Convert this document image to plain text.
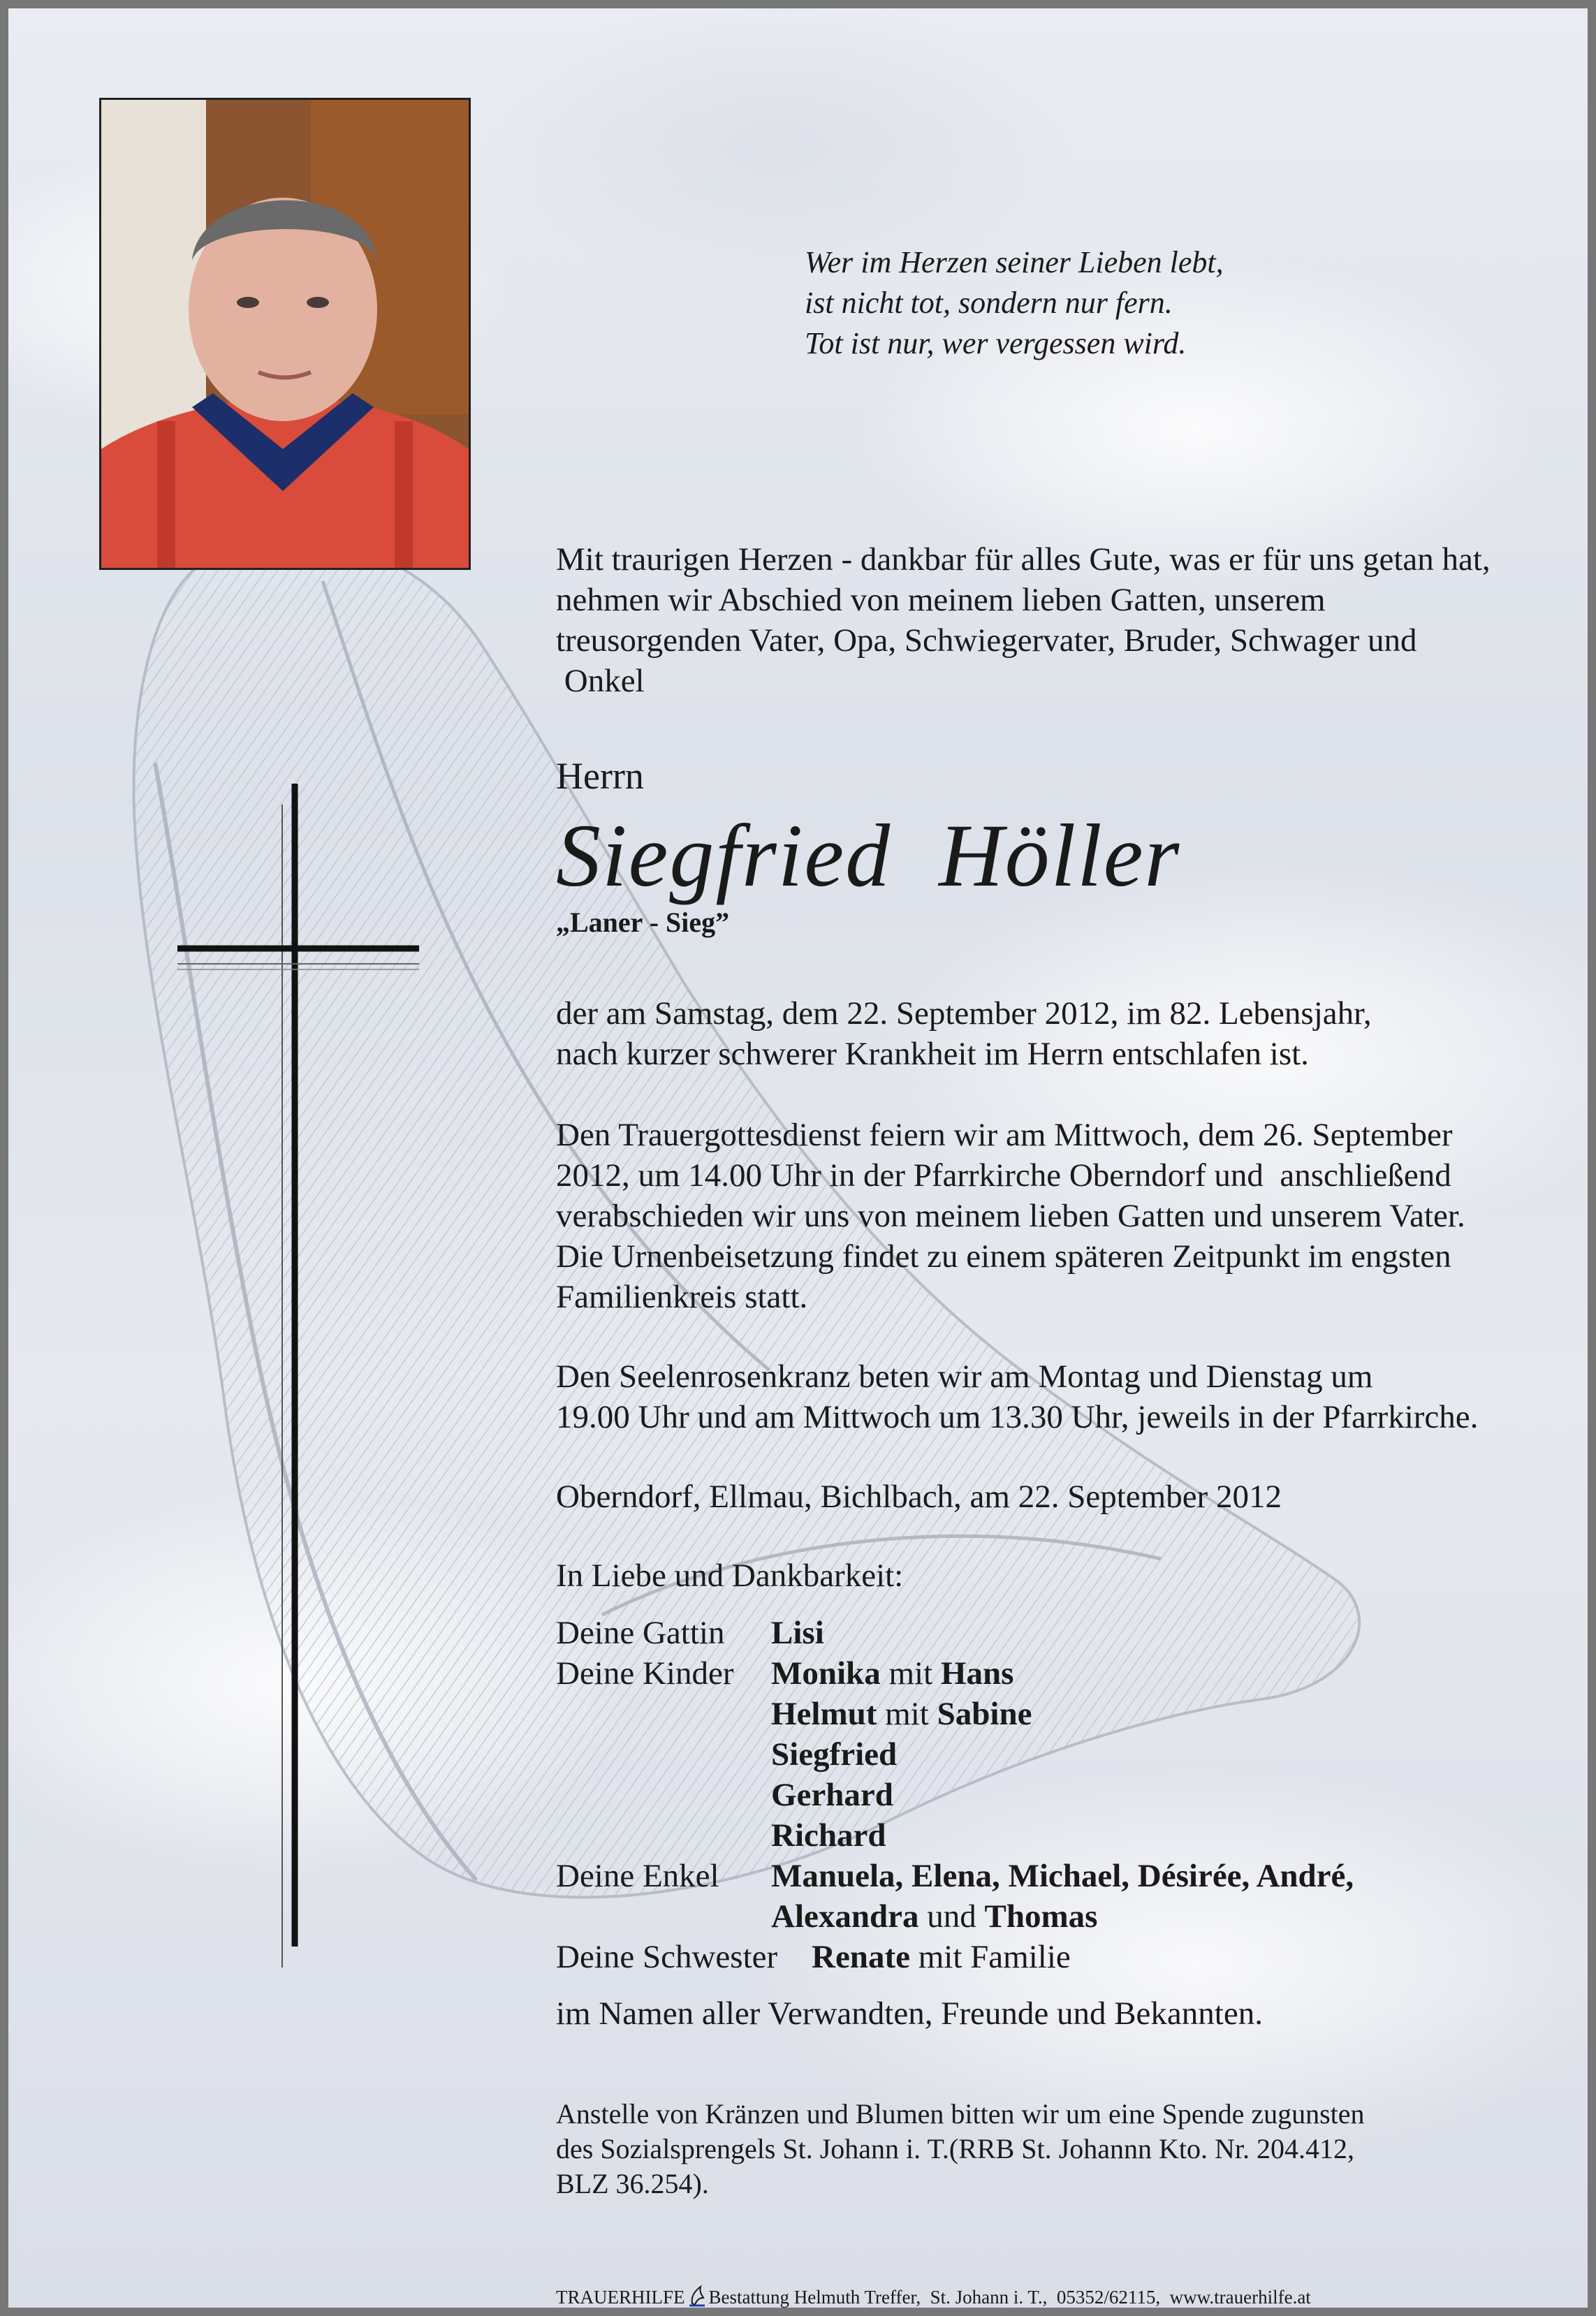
Wer im Herzen seiner Lieben lebt,
ist nicht tot, sondern nur fern.
Tot ist nur, wer vergessen wird.
Mit traurigen Herzen - dankbar für alles Gute, was er für uns getan hat,
nehmen wir Abschied von meinem lieben Gatten, unserem
treusorgenden Vater, Opa, Schwiegervater, Bruder, Schwager und
Onkel
Herrn
Siegfried  Höller
„Laner - Sieg”
der am Samstag, dem 22. September 2012, im 82. Lebensjahr,
nach kurzer schwerer Krankheit im Herrn entschlafen ist.
Den Trauergottesdienst feiern wir am Mittwoch, dem 26. September
2012, um 14.00 Uhr in der Pfarrkirche Oberndorf und  anschließend
verabschieden wir uns von meinem lieben Gatten und unserem Vater.
Die Urnenbeisetzung findet zu einem späteren Zeitpunkt im engsten
Familienkreis statt.
Den Seelenrosenkranz beten wir am Montag und Dienstag um
19.00 Uhr und am Mittwoch um 13.30 Uhr, jeweils in der Pfarrkirche.
Oberndorf, Ellmau, Bichlbach, am 22. September 2012
In Liebe und Dankbarkeit:
Deine Gattin Lisi
Deine Kinder Monika mit Hans
Helmut mit Sabine
Siegfried
Gerhard
Richard
Deine Enkel Manuela, Elena, Michael, Désirée, André,
Alexandra und Thomas
Deine Schwester Renate mit Familie
im Namen aller Verwandten, Freunde und Bekannten.
Anstelle von Kränzen und Blumen bitten wir um eine Spende zugunsten
des Sozialsprengels St. Johann i. T.(RRB St. Johannn Kto. Nr. 204.412,
BLZ 36.254).
TRAUERHILFE Bestattung Helmuth Treffer,  St. Johann i. T.,  05352/62115,  www.trauerhilfe.at
